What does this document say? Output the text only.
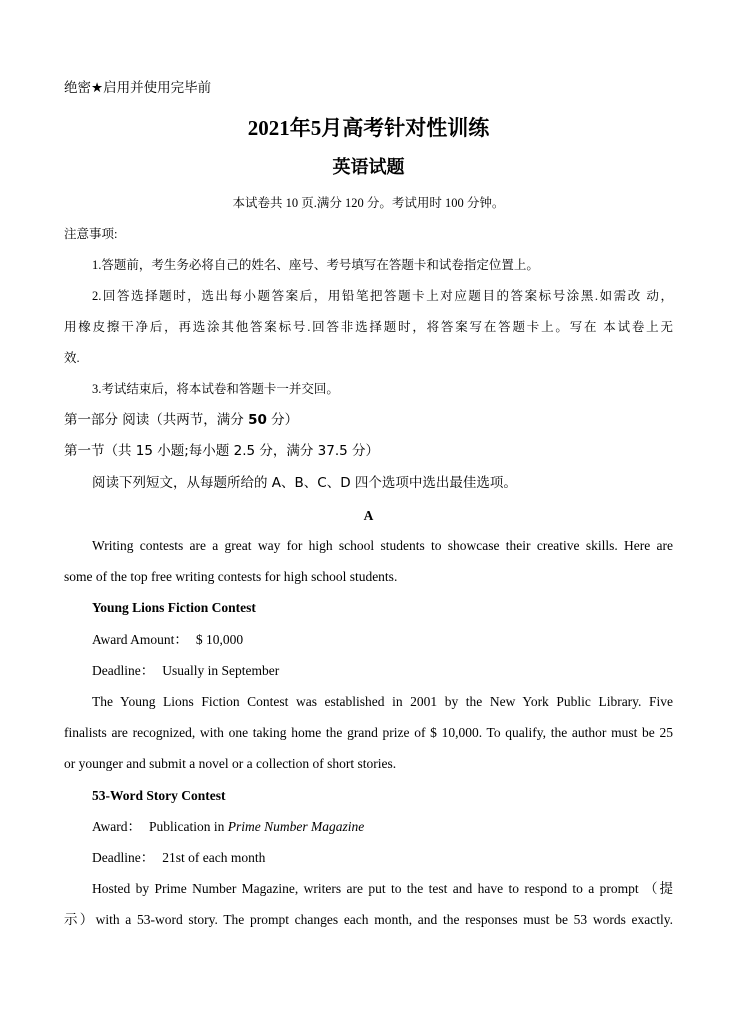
绝密★启用并使用完毕前
2021年5月高考针对性训练
英语试题
本试卷共 10 页.满分 120 分。考试用时 100 分钟。
注意事项:
1.答题前，考生务必将自己的姓名、座号、考号填写在答题卡和试卷指定位置上。
2.回答选择题时，选出每小题答案后，用铅笔把答题卡上对应题目的答案标号涂黑.如需改 动，
用橡皮擦干净后，再选涂其他答案标号.回答非选择题时，将答案写在答题卡上。写在 本试卷上无
效.
3.考试结束后，将本试卷和答题卡一并交回。
第一部分 阅读（共两节，满分 50 分）
第一节（共 15 小题;每小题 2.5 分，满分 37.5 分）
阅读下列短文，从每题所给的 A、B、C、D 四个选项中选出最佳选项。
A
Writing contests are a great way for high school students to showcase their creative skills. Here are
some of the top free writing contests for high school students.
Young Lions Fiction Contest
Award Amount： $ 10,000
Deadline： Usually in September
The Young Lions Fiction Contest was established in 2001 by the New York Public Library. Five
finalists are recognized, with one taking home the grand prize of $ 10,000. To qualify, the author must be 25
or younger and submit a novel or a collection of short stories.
53-Word Story Contest
Award： Publication in Prime Number Magazine
Deadline： 21st of each month
Hosted by Prime Number Magazine, writers are put to the test and have to respond to a prompt （提
示）with a 53-word story. The prompt changes each month, and the responses must be 53 words exactly.
